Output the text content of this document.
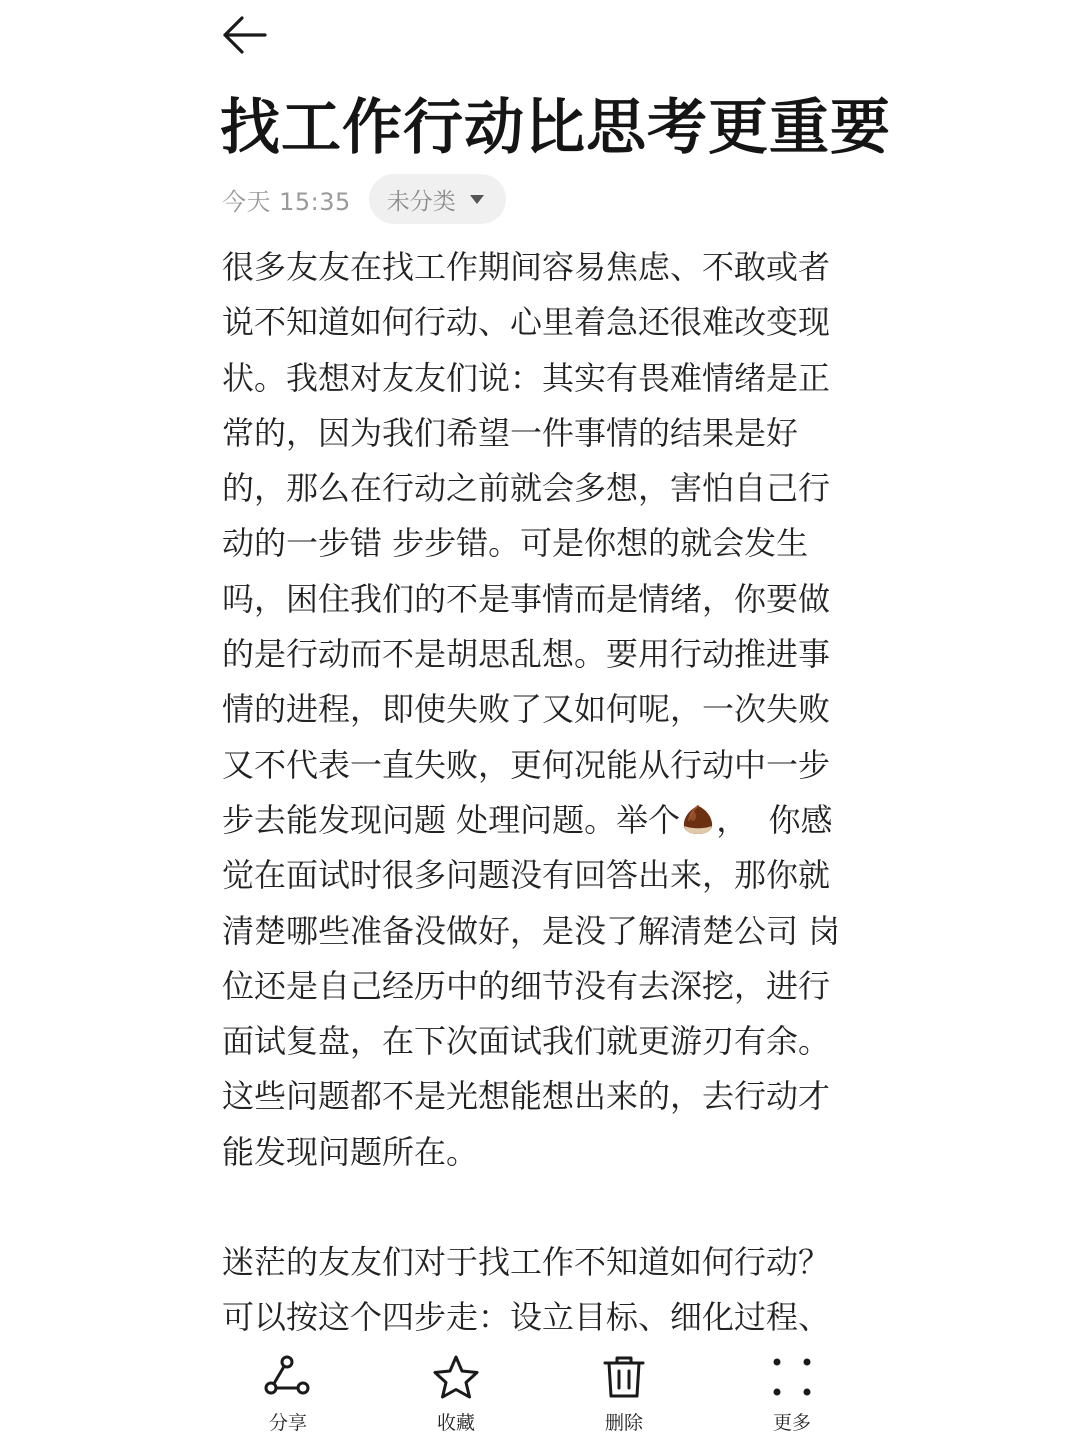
找工作行动比思考更重要
今天 15:35 未分类

很多友友在找工作期间容易焦虑、不敢或者说不知道如何行动、心里着急还很难改变现状。我想对友友们说：其实有畏难情绪是正常的，因为我们希望一件事情的结果是好的，那么在行动之前就会多想，害怕自己行动的一步错 步步错。可是你想的就会发生吗，困住我们的不是事情而是情绪，你要做的是行动而不是胡思乱想。要用行动推进事情的进程，即使失败了又如何呢，一次失败又不代表一直失败，更何况能从行动中一步步去能发现问题 处理问题。举个 ，  你感觉在面试时很多问题没有回答出来，那你就清楚哪些准备没做好，是没了解清楚公司 岗位还是自己经历中的细节没有去深挖，进行面试复盘，在下次面试我们就更游刃有余。这些问题都不是光想能想出来的，去行动才能发现问题所在。

迷茫的友友们对于找工作不知道如何行动？可以按这个四步走：设立目标、细化过程、

分享	收藏	删除	更多
